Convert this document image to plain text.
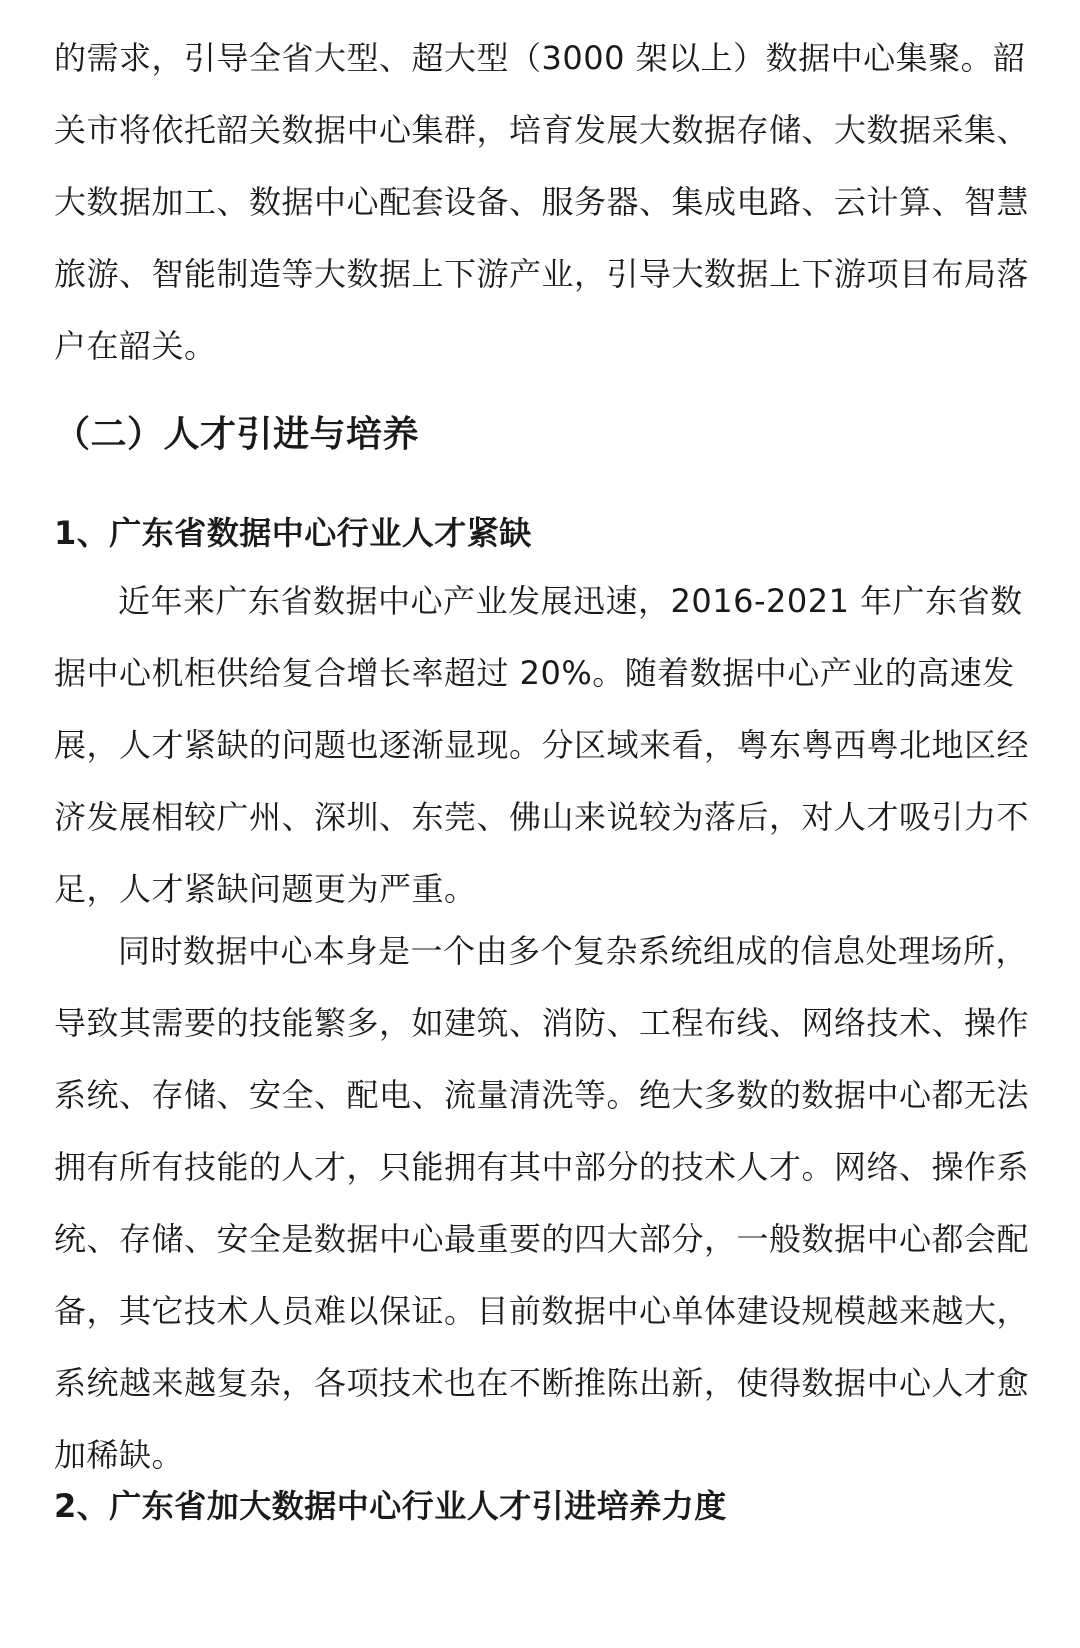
的需求，引导全省大型、超大型（3000 架以上）数据中心集聚。韶关市将依托韶关数据中心集群，培育发展大数据存储、大数据采集、大数据加工、数据中心配套设备、服务器、集成电路、云计算、智慧旅游、智能制造等大数据上下游产业，引导大数据上下游项目布局落户在韶关。

（二）人才引进与培养
1、广东省数据中心行业人才紧缺

近年来广东省数据中心产业发展迅速，2016-2021 年广东省数据中心机柜供给复合增长率超过 20%。随着数据中心产业的高速发展，人才紧缺的问题也逐渐显现。分区域来看，粤东粤西粤北地区经济发展相较广州、深圳、东莞、佛山来说较为落后，对人才吸引力不足，人才紧缺问题更为严重。

同时数据中心本身是一个由多个复杂系统组成的信息处理场所，导致其需要的技能繁多，如建筑、消防、工程布线、网络技术、操作系统、存储、安全、配电、流量清洗等。绝大多数的数据中心都无法拥有所有技能的人才，只能拥有其中部分的技术人才。网络、操作系统、存储、安全是数据中心最重要的四大部分，一般数据中心都会配备，其它技术人员难以保证。目前数据中心单体建设规模越来越大，系统越来越复杂，各项技术也在不断推陈出新，使得数据中心人才愈加稀缺。

2、广东省加大数据中心行业人才引进培养力度
